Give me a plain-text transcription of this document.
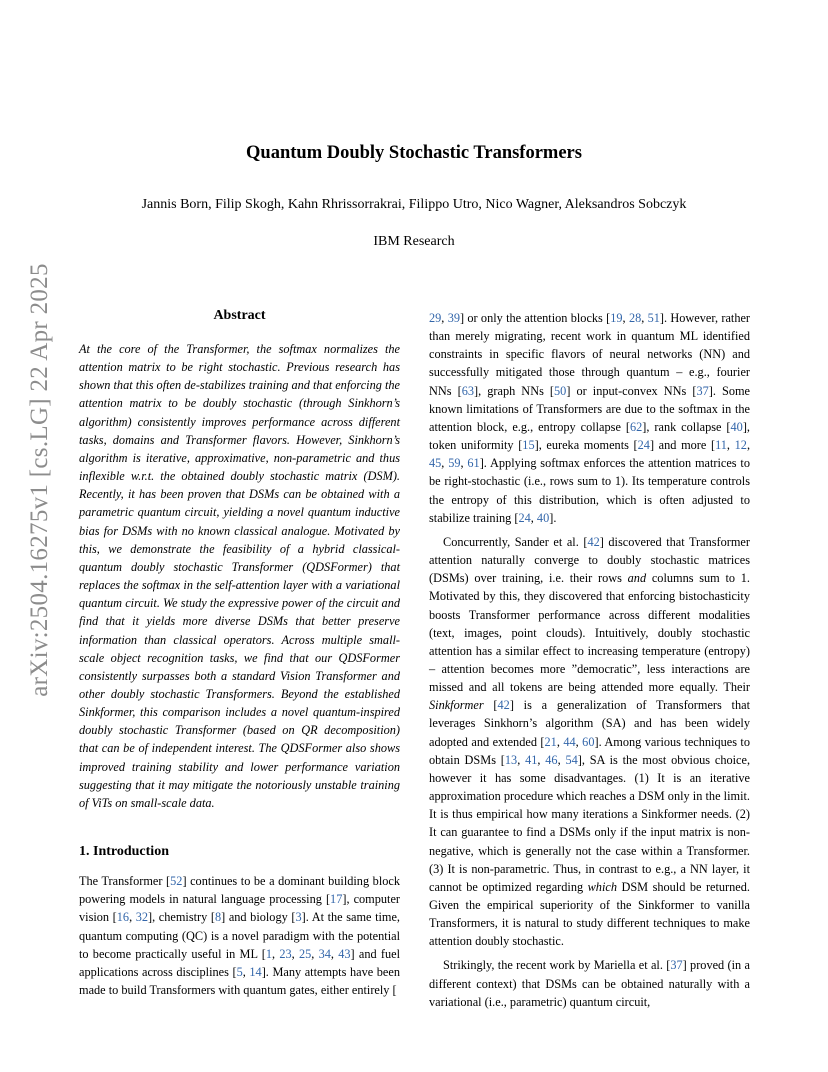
arXiv:2504.16275v1 [cs.LG] 22 Apr 2025
Quantum Doubly Stochastic Transformers
Jannis Born, Filip Skogh, Kahn Rhrissorrakrai, Filippo Utro, Nico Wagner, Aleksandros Sobczyk
IBM Research
Abstract

At the core of the Transformer, the softmax normalizes the attention matrix to be right stochastic. Previous research has shown that this often de-stabilizes training and that enforcing the attention matrix to be doubly stochastic (through Sinkhorn’s algorithm) consistently improves performance across different tasks, domains and Transformer flavors. However, Sinkhorn’s algorithm is iterative, approximative, non-parametric and thus inflexible w.r.t. the obtained doubly stochastic matrix (DSM). Recently, it has been proven that DSMs can be obtained with a parametric quantum circuit, yielding a novel quantum inductive bias for DSMs with no known classical analogue. Motivated by this, we demonstrate the feasibility of a hybrid classical-quantum doubly stochastic Transformer (QDSFormer) that replaces the softmax in the self-attention layer with a variational quantum circuit. We study the expressive power of the circuit and find that it yields more diverse DSMs that better preserve information than classical operators. Across multiple small-scale object recognition tasks, we find that our QDSFormer consistently surpasses both a standard Vision Transformer and other doubly stochastic Transformers. Beyond the established Sinkformer, this comparison includes a novel quantum-inspired doubly stochastic Transformer (based on QR decomposition) that can be of independent interest. The QDSFormer also shows improved training stability and lower performance variation suggesting that it may mitigate the notoriously unstable training of ViTs on small-scale data.

1. Introduction

The Transformer [52] continues to be a dominant building block powering models in natural language processing [17], computer vision [16, 32], chemistry [8] and biology [3]. At the same time, quantum computing (QC) is a novel paradigm with the potential to become practically useful in ML [1, 23, 25, 34, 43] and fuel applications across disciplines [5, 14]. Many attempts have been made to build Transformers with quantum gates, either entirely [

29, 39] or only the attention blocks [19, 28, 51]. However, rather than merely migrating, recent work in quantum ML identified constraints in specific flavors of neural networks (NN) and successfully mitigated those through quantum – e.g., fourier NNs [63], graph NNs [50] or input-convex NNs [37]. Some known limitations of Transformers are due to the softmax in the attention block, e.g., entropy collapse [62], rank collapse [40], token uniformity [15], eureka moments [24] and more [11, 12, 45, 59, 61]. Applying softmax enforces the attention matrices to be right-stochastic (i.e., rows sum to 1). Its temperature controls the entropy of this distribution, which is often adjusted to stabilize training [24, 40].

Concurrently, Sander et al. [42] discovered that Transformer attention naturally converge to doubly stochastic matrices (DSMs) over training, i.e. their rows and columns sum to 1. Motivated by this, they discovered that enforcing bistochasticity boosts Transformer performance across different modalities (text, images, point clouds). Intuitively, doubly stochastic attention has a similar effect to increasing temperature (entropy) – attention becomes more ”democratic”, less interactions are missed and all tokens are being attended more equally. Their Sinkformer [42] is a generalization of Transformers that leverages Sinkhorn’s algorithm (SA) and has been widely adopted and extended [21, 44, 60]. Among various techniques to obtain DSMs [13, 41, 46, 54], SA is the most obvious choice, however it has some disadvantages. (1) It is an iterative approximation procedure which reaches a DSM only in the limit. It is thus empirical how many iterations a Sinkformer needs. (2) It can guarantee to find a DSMs only if the input matrix is non-negative, which is generally not the case within a Transformer. (3) It is non-parametric. Thus, in contrast to e.g., a NN layer, it cannot be optimized regarding which DSM should be returned. Given the empirical superiority of the Sinkformer to vanilla Transformers, it is natural to study different techniques to make attention doubly stochastic.

Strikingly, the recent work by Mariella et al. [37] proved (in a different context) that DSMs can be obtained naturally with a variational (i.e., parametric) quantum circuit,
